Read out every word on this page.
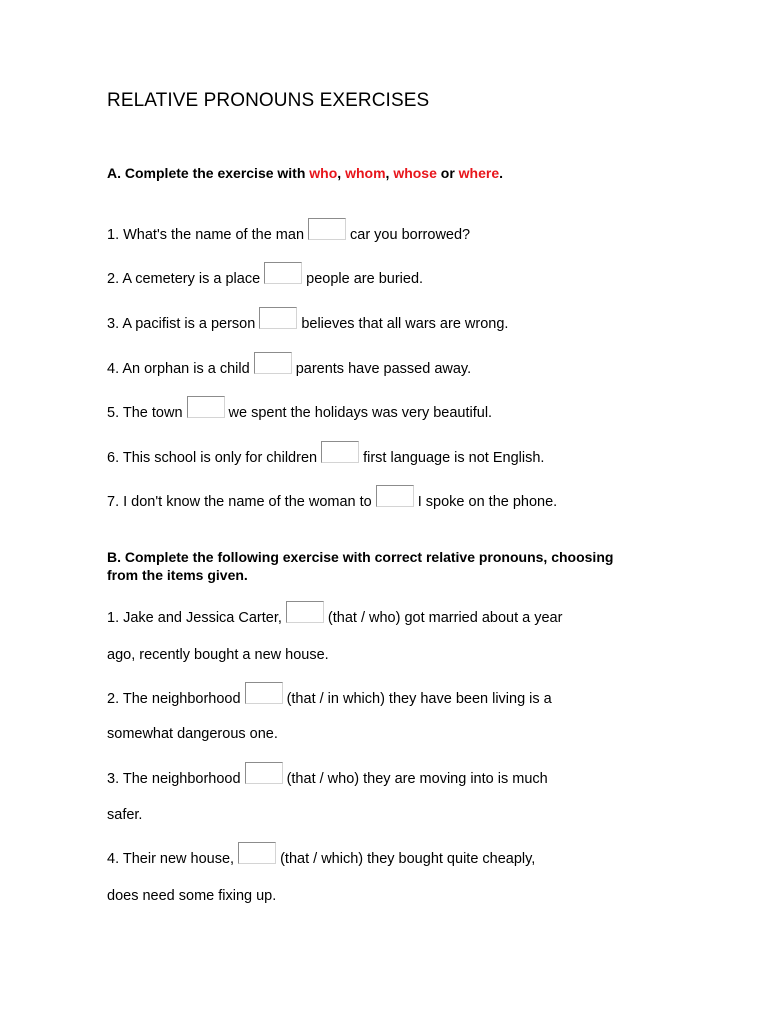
RELATIVE PRONOUNS EXERCISES
A. Complete the exercise with who, whom, whose or where.
1. What's the name of the man	car you borrowed?
2. A cemetery is a place	people are buried.
3. A pacifist is a person	believes that all wars are wrong.
4. An orphan is a child	parents have passed away.
5. The town	we spent the holidays was very beautiful.
6. This school is only for children	first language is not English.
7. I don't know the name of the woman to	I spoke on the phone.
B. Complete the following exercise with correct relative pronouns, choosing
from the items given.
1. Jake and Jessica Carter,	(that / who) got married about a year
ago, recently bought a new house.
2. The neighborhood	(that / in which) they have been living is a
somewhat dangerous one.
3. The neighborhood	(that / who) they are moving into is much
safer.
4. Their new house,	(that / which) they bought quite cheaply,
does need some fixing up.
